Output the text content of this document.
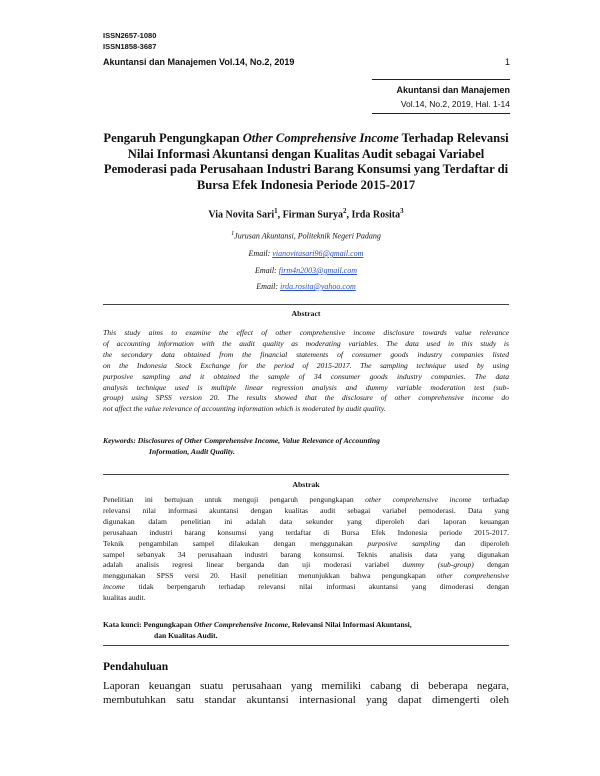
ISSN2657-1080
ISSN1858-3687
Akuntansi dan Manajemen Vol.14, No.2, 2019	1
Akuntansi dan Manajemen
Vol.14, No.2, 2019, Hal. 1-14
Pengaruh Pengungkapan Other Comprehensive Income Terhadap Relevansi Nilai Informasi Akuntansi dengan Kualitas Audit sebagai Variabel Pemoderasi pada Perusahaan Industri Barang Konsumsi yang Terdaftar di Bursa Efek Indonesia Periode 2015-2017
Via Novita Sari$^1$, Firman Surya$^2$, Irda Rosita$^3$
$^1$Jurusan Akuntansi, Politeknik Negeri Padang
Email: vianovitasari96@gmail.com
Email: firm4n2003@gmail.com
Email: irda.rosita@yahoo.com
Abstract
This study aims to examine the effect of other comprehensive income disclosure towards value relevance
of accounting information with the audit quality as moderating variables. The data used in this study is
the secondary data obtained from the financial statements of consumer goods industry companies listed
on the Indonesia Stock Exchange for the period of 2015-2017. The sampling technique used by using
purposive sampling and it obtained the sample of 34 consumer goods industry companies. The data
analysis technique used is multiple linear regression analysis and dummy variable moderation test (sub-
group) using SPSS version 20. The results showed that the disclosure of other comprehensive income do
not affect the value relevance of accounting information which is moderated by audit quality.
Keywords: Disclosures of Other Comprehensive Income, Value Relevance of Accounting
Information, Audit Quality.
Abstrak
Penelitian ini bertujuan untuk menguji pengaruh pengungkapan other comprehensive income terhadap
relevansi nilai informasi akuntansi dengan kualitas audit sebagai variabel pemoderasi. Data yang
digunakan dalam penelitian ini adalah data sekunder yang diperoleh dari laporan keuangan
perusahaan industri barang konsumsi yang terdaftar di Bursa Efek Indonesia periode 2015-2017.
Teknik pengambilan sampel dilakukan dengan menggunakan purposive sampling dan diperoleh
sampel sebanyak 34 perusahaan industri barang konsumsi. Teknis analisis data yang digunakan
adalah analisis regresi linear berganda dan uji moderasi variabel dummy (sub-group) dengan
menggunakan SPSS versi 20. Hasil penelitian menunjukkan bahwa pengungkapan other comprehensive
income tidak berpengaruh terhadap relevansi nilai informasi akuntansi yang dimoderasi dengan
kualitas audit.
Kata kunci: Pengungkapan Other Comprehensive Income, Relevansi Nilai Informasi Akuntansi,
dan Kualitas Audit.
Pendahuluan
Laporan keuangan suatu perusahaan yang memiliki cabang di beberapa negara,
membutuhkan satu standar akuntansi internasional yang dapat dimengerti oleh
